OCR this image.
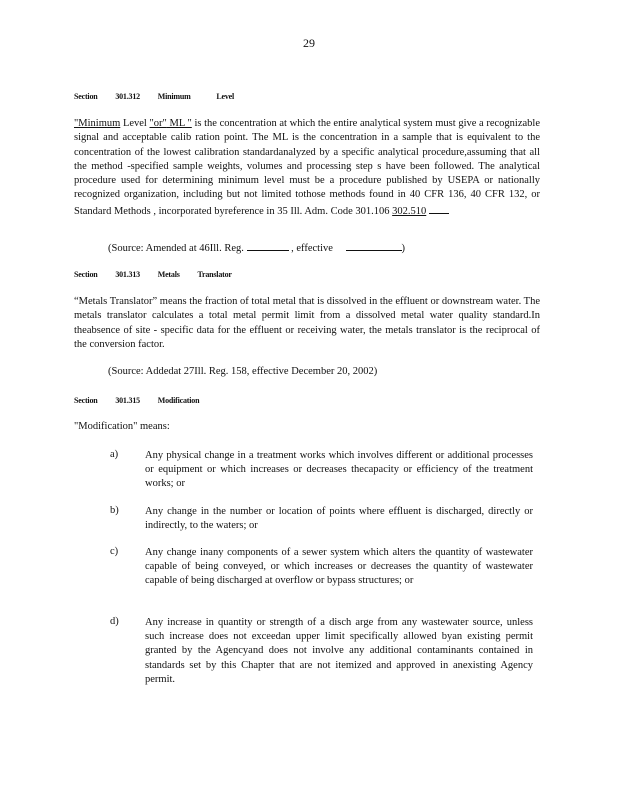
29
Section 301.312 Minimum	Level

"Minimum Level "or" ML " is the concentration at which the entire analytical system must give a recognizable signal and acceptable calib ration point. The ML is the concentration in a sample that is equivalent to the concentration of the lowest calibration standardanalyzed by a specific analytical procedure,assuming that all the method -specified sample weights, volumes and processing step s have been followed. The analytical procedure used for determining minimum level must be a procedure published by USEPA or nationally recognized organization, including but not limited tothose methods found in 40 CFR 136, 40 CFR 132, or Standard Methods , incorporated byreference in 35 Ill. Adm. Code 301.106 302.510

(Source: Amended at 46Ill. Reg.	, effective	)
Section 301.313 Metals Translator

“Metals Translator” means the fraction of total metal that is dissolved in the effluent or downstream water. The metals translator calculates a total metal permit limit from a dissolved metal water quality standard.In theabsence of site - specific data for the effluent or receiving water, the metals translator is the reciprocal of the conversion factor.

(Source: Addedat 27Ill. Reg. 158, effective December 20, 2002)
Section 301.315 Modification
"Modification" means:
a)	Any physical change in a treatment works which involves different or additional processes or equipment or which increases or decreases thecapacity or efficiency of the treatment works; or

b)	Any change in the number or location of points where effluent is discharged, directly or indirectly, to the waters; or

c)	Any change inany components of a sewer system which alters the quantity of wastewater capable of being conveyed, or which increases or decreases the quantity of wastewater capable of being discharged at overflow or bypass structures; or

d)	Any increase in quantity or strength of a disch arge from any wastewater source, unless such increase does not exceedan upper limit specifically allowed byan existing permit granted by the Agencyand does not involve any additional contaminants contained in standards set by this Chapter that are not itemized and approved in anexisting Agency permit.
